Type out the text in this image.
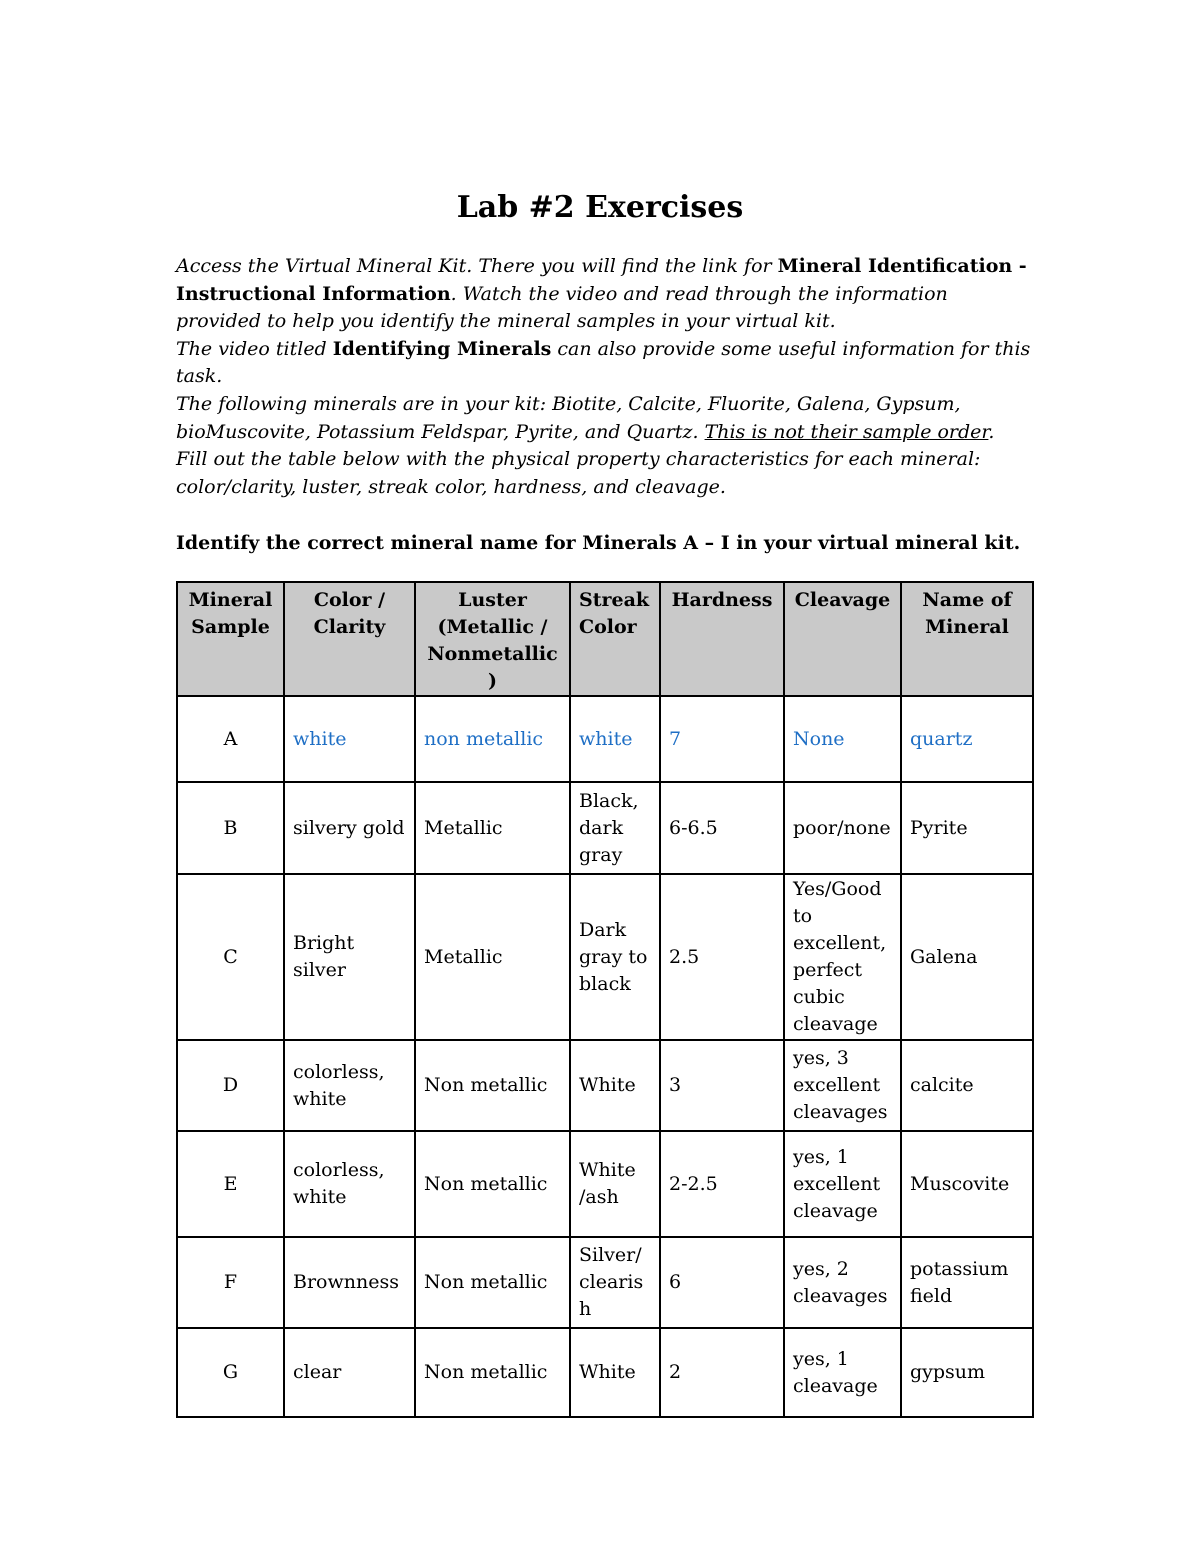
Lab #2 Exercises

Access the Virtual Mineral Kit. There you will find the link for Mineral Identification - Instructional Information. Watch the video and read through the information provided to help you identify the mineral samples in your virtual kit.

The video titled Identifying Minerals can also provide some useful information for this task.

The following minerals are in your kit: Biotite, Calcite, Fluorite, Galena, Gypsum, bioMuscovite, Potassium Feldspar, Pyrite, and Quartz. This is not their sample order.

Fill out the table below with the physical property characteristics for each mineral: color/clarity, luster, streak color, hardness, and cleavage.

Identify the correct mineral name for Minerals A – I in your virtual mineral kit.
Mineral Sample	Color / Clarity	Luster (Metallic / Nonmetallic)	Streak Color	Hardness	Cleavage	Name of Mineral
A	white	non metallic	white	7	None	quartz
B	silvery gold	Metallic	Black, dark gray	6-6.5	poor/none	Pyrite
C	Bright silver	Metallic	Dark gray to black	2.5	Yes/Good to excellent, perfect cubic cleavage	Galena
D	colorless, white	Non metallic	White	3	yes, 3 excellent cleavages	calcite
E	colorless, white	Non metallic	White /ash	2-2.5	yes, 1 excellent cleavage	Muscovite
F	Brownness	Non metallic	Silver/ clearish	6	yes, 2 cleavages	potassium field
G	clear	Non metallic	White	2	yes, 1 cleavage	gypsum
